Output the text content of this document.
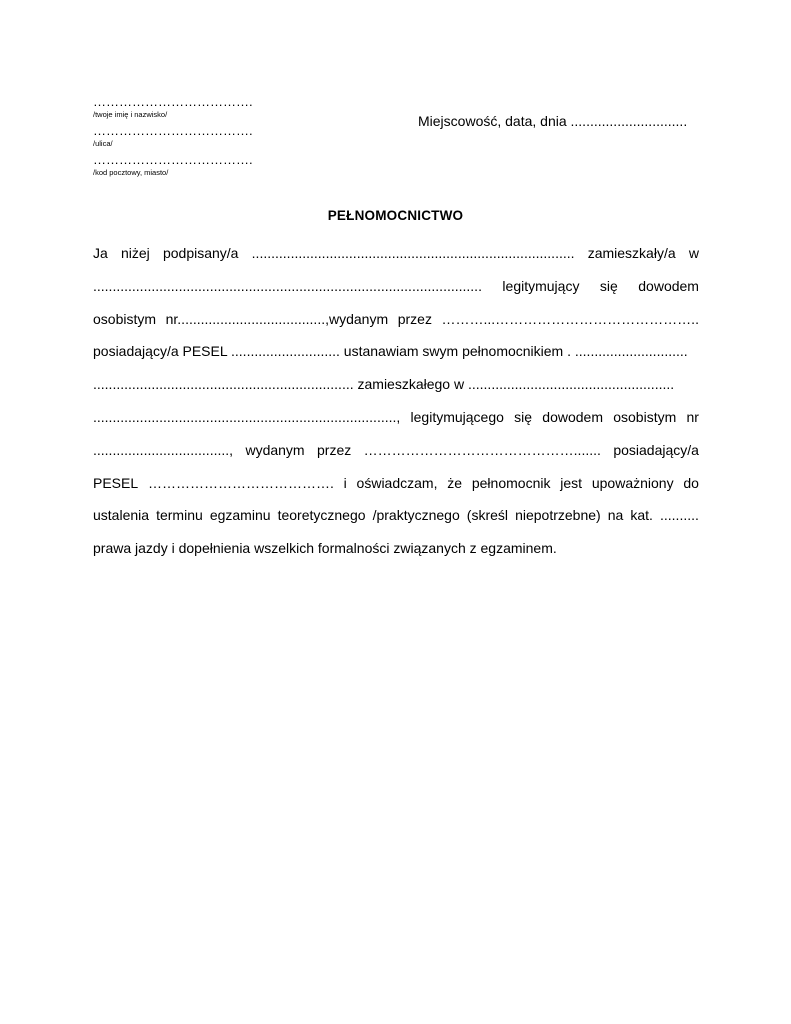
……………………………….
/twoje imię i nazwisko/
……………………………….
/ulica/
……………………………….
/kod pocztowy, miasto/
Miejscowość, data, dnia ..............................
PEŁNOMOCNICTWO
Ja niżej podpisany/a ................................................................................... zamieszkały/a w
.................................................................................................... legitymujący się dowodem
osobistym nr......................................,wydanym przez ………...……………………………………..
posiadający/a PESEL ............................ ustanawiam swym pełnomocnikiem . .............................
................................................................... zamieszkałego w .....................................................
.............................................................................., legitymującego się dowodem osobistym nr
..................................., wydanym przez ………………………………………....... posiadający/a
PESEL …………………………………. i oświadczam, że pełnomocnik jest upoważniony do
ustalenia terminu egzaminu teoretycznego /praktycznego (skreśl niepotrzebne) na kat. ..........
prawa jazdy i dopełnienia wszelkich formalności związanych z egzaminem.
